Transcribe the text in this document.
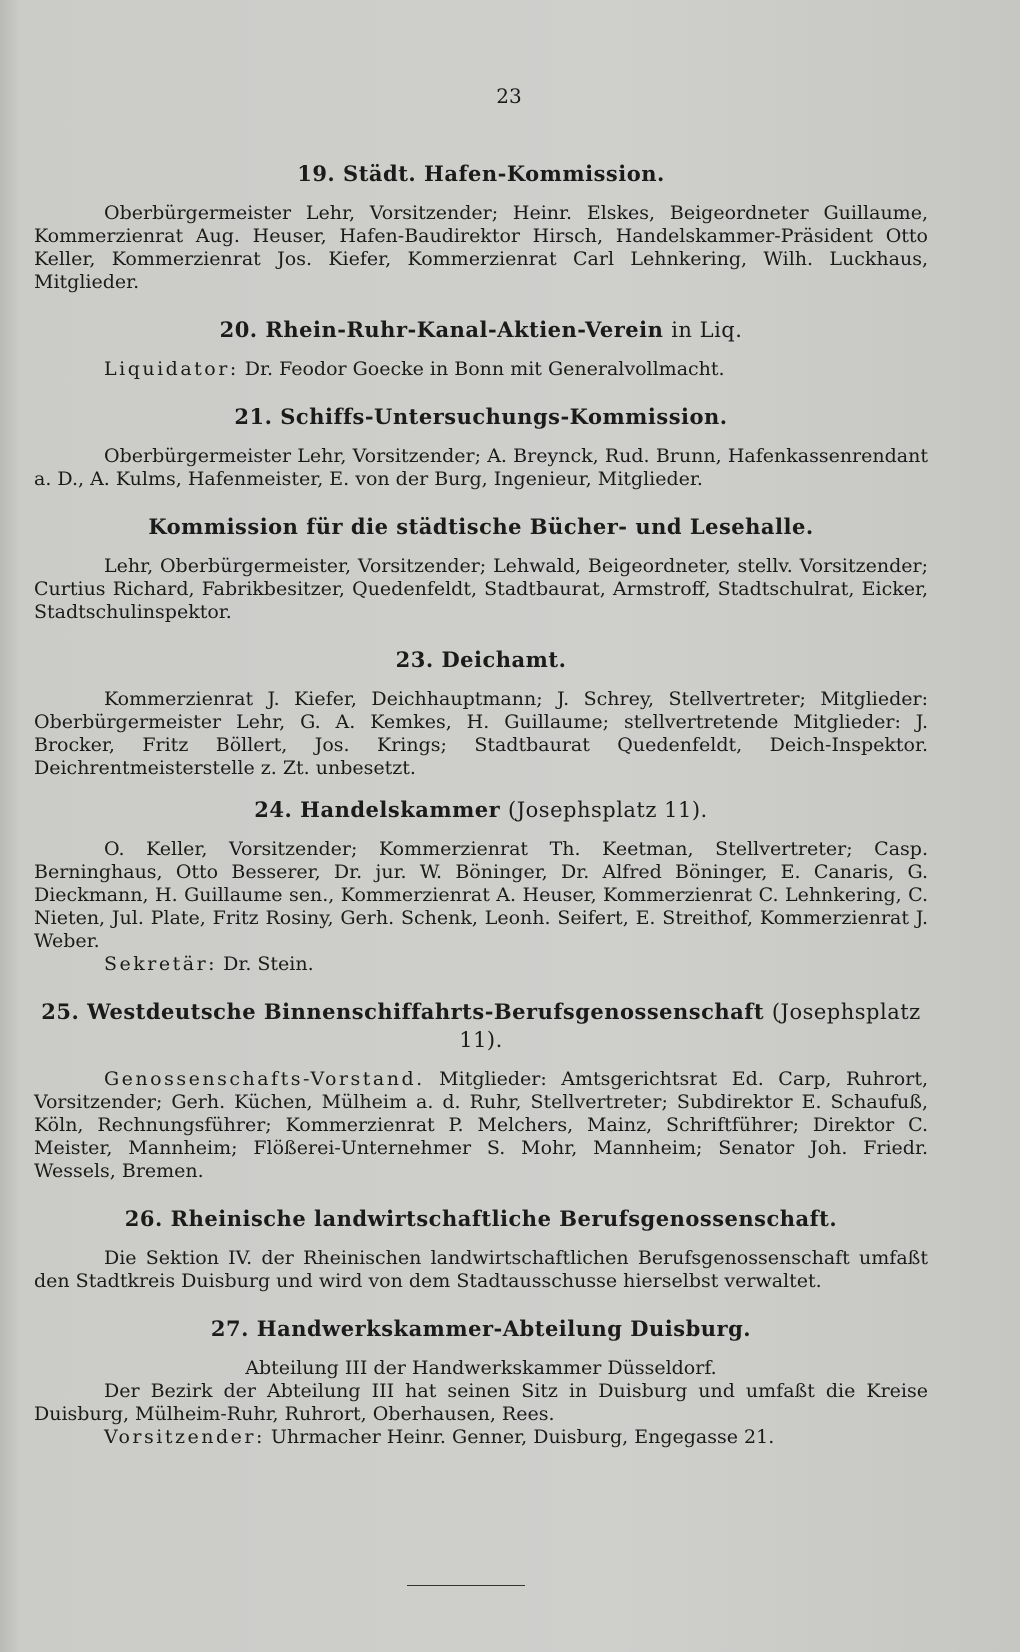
23
19. Städt. Hafen-Kommission.

Oberbürgermeister Lehr, Vorsitzender; Heinr. Elskes, Beigeordneter Guillaume, Kommerzienrat Aug. Heuser, Hafen-Baudirektor Hirsch, Handelskammer-Präsident Otto Keller, Kommerzienrat Jos. Kiefer, Kommerzienrat Carl Lehnkering, Wilh. Luckhaus, Mitglieder.

20. Rhein-Ruhr-Kanal-Aktien-Verein in Liq.

Liquidator: Dr. Feodor Goecke in Bonn mit Generalvollmacht.

21. Schiffs-Untersuchungs-Kommission.

Oberbürgermeister Lehr, Vorsitzender; A. Breynck, Rud. Brunn, Hafenkassenrendant a. D., A. Kulms, Hafenmeister, E. von der Burg, Ingenieur, Mitglieder.

Kommission für die städtische Bücher- und Lesehalle.

Lehr, Oberbürgermeister, Vorsitzender; Lehwald, Beigeordneter, stellv. Vorsitzender; Curtius Richard, Fabrikbesitzer, Quedenfeldt, Stadtbaurat, Armstroff, Stadtschulrat, Eicker, Stadtschulinspektor.

23. Deichamt.

Kommerzienrat J. Kiefer, Deichhauptmann; J. Schrey, Stellvertreter; Mitglieder: Oberbürgermeister Lehr, G. A. Kemkes, H. Guillaume; stellvertretende Mitglieder: J. Brocker, Fritz Böllert, Jos. Krings; Stadtbaurat Quedenfeldt, Deich-Inspektor. Deichrentmeisterstelle z. Zt. unbesetzt.

24. Handelskammer (Josephsplatz 11).

O. Keller, Vorsitzender; Kommerzienrat Th. Keetman, Stellvertreter; Casp. Berninghaus, Otto Besserer, Dr. jur. W. Böninger, Dr. Alfred Böninger, E. Canaris, G. Dieckmann, H. Guillaume sen., Kommerzienrat A. Heuser, Kommerzienrat C. Lehnkering, C. Nieten, Jul. Plate, Fritz Rosiny, Gerh. Schenk, Leonh. Seifert, E. Streithof, Kommerzienrat J. Weber.

Sekretär: Dr. Stein.

25. Westdeutsche Binnenschiffahrts-Berufsgenossenschaft (Josephsplatz 11).

Genossenschafts-Vorstand. Mitglieder: Amtsgerichtsrat Ed. Carp, Ruhrort, Vorsitzender; Gerh. Küchen, Mülheim a. d. Ruhr, Stellvertreter; Subdirektor E. Schaufuß, Köln, Rechnungsführer; Kommerzienrat P. Melchers, Mainz, Schriftführer; Direktor C. Meister, Mannheim; Flößerei-Unternehmer S. Mohr, Mannheim; Senator Joh. Friedr. Wessels, Bremen.

26. Rheinische landwirtschaftliche Berufsgenossenschaft.

Die Sektion IV. der Rheinischen landwirtschaftlichen Berufsgenossenschaft umfaßt den Stadtkreis Duisburg und wird von dem Stadtausschusse hierselbst verwaltet.

27. Handwerkskammer-Abteilung Duisburg.

Abteilung III der Handwerkskammer Düsseldorf.

Der Bezirk der Abteilung III hat seinen Sitz in Duisburg und umfaßt die Kreise Duisburg, Mülheim-Ruhr, Ruhrort, Oberhausen, Rees.

Vorsitzender: Uhrmacher Heinr. Genner, Duisburg, Engegasse 21.
